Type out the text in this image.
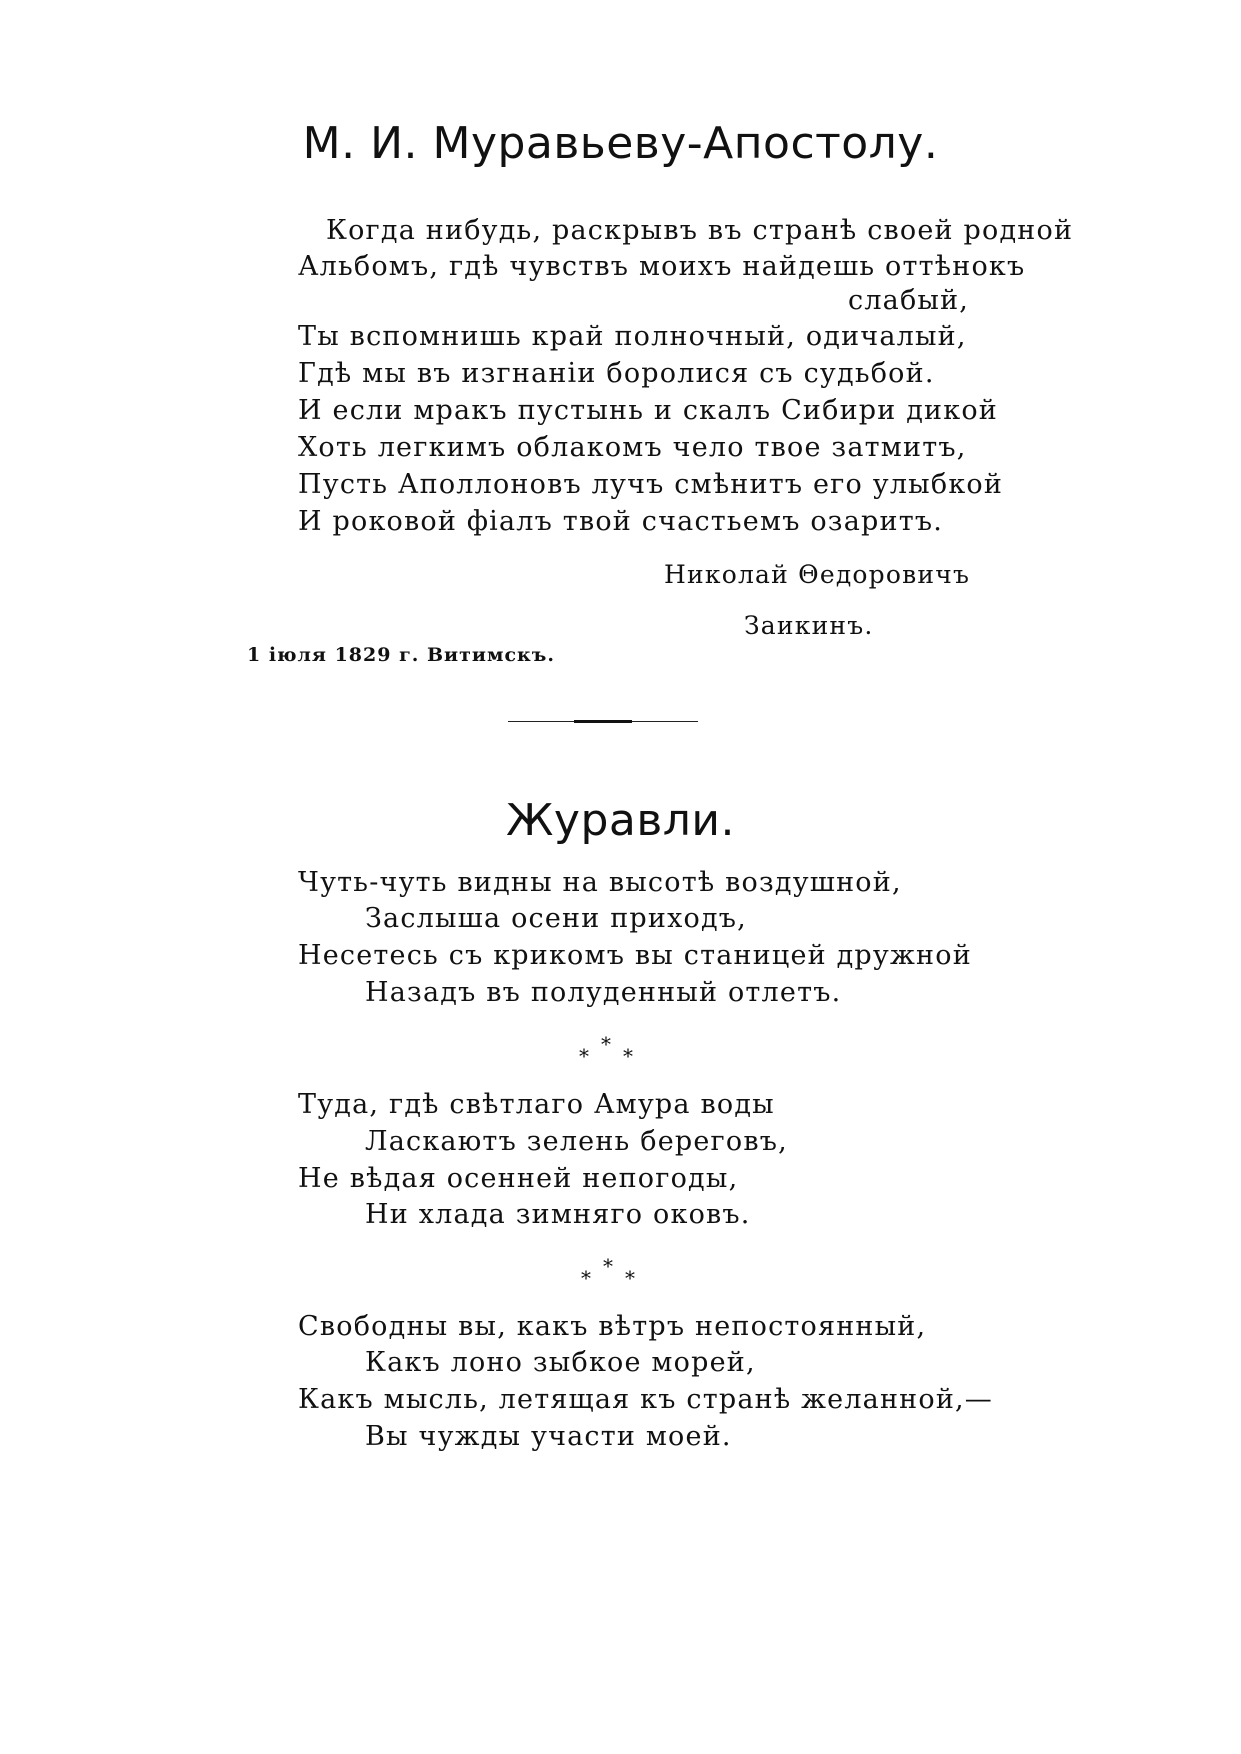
М. И. Муравьеву-Апостолу.
Когда нибудь, раскрывъ въ странѣ своей родной
Альбомъ, гдѣ чувствъ моихъ найдешь оттѣнокъ
слабый,
Ты вспомнишь край полночный, одичалый,
Гдѣ мы въ изгнаніи боролися съ судьбой.
И если мракъ пустынь и скалъ Сибири дикой
Хоть легкимъ облакомъ чело твое затмитъ,
Пусть Аполлоновъ лучъ смѣнитъ его улыбкой
И роковой фіалъ твой счастьемъ озаритъ.
Николай Θедоровичъ
Заикинъ.
1 іюля 1829 г. Витимскъ.
Журавли.
Чуть-чуть видны на высотѣ воздушной,
Заслыша осени приходъ,
Несетесь съ крикомъ вы станицей дружной
Назадъ въ полуденный отлетъ.
* * *
Туда, гдѣ свѣтлаго Амура воды
Ласкаютъ зелень береговъ,
Не вѣдая осенней непогоды,
Ни хлада зимняго оковъ.
* * *
Свободны вы, какъ вѣтръ непостоянный,
Какъ лоно зыбкое морей,
Какъ мысль, летящая къ странѣ желанной,—
Вы чужды участи моей.
